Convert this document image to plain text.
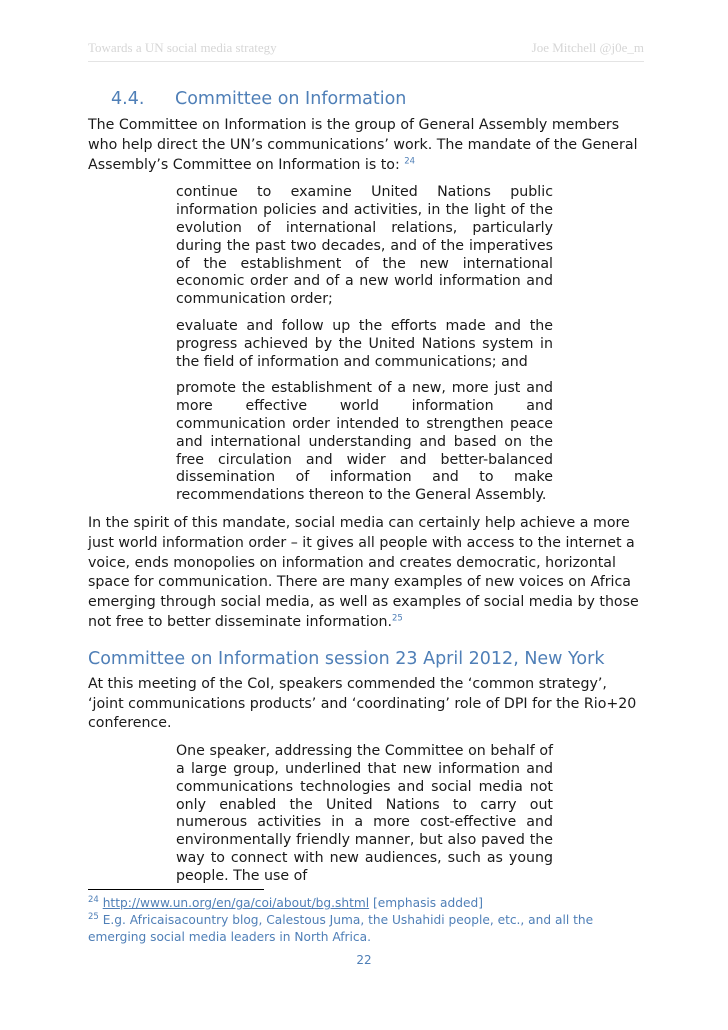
Towards a UN social media strategy	Joe Mitchell @j0e_m
4.4. Committee on Information

The Committee on Information is the group of General Assembly members who help direct the UN’s communications’ work. The mandate of the General Assembly’s Committee on Information is to: $^{24}$

continue to examine United Nations public information policies and activities, in the light of the evolution of international relations, particularly during the past two decades, and of the imperatives of the establishment of the new international economic order and of a new world information and communication order;

evaluate and follow up the efforts made and the progress achieved by the United Nations system in the field of information and communications; and

promote the establishment of a new, more just and more effective world information and communication order intended to strengthen peace and international understanding and based on the free circulation and wider and better-balanced dissemination of information and to make recommendations thereon to the General Assembly.

In the spirit of this mandate, social media can certainly help achieve a more just world information order – it gives all people with access to the internet a voice, ends monopolies on information and creates democratic, horizontal space for communication. There are many examples of new voices on Africa emerging through social media, as well as examples of social media by those not free to better disseminate information.$^{25}$

Committee on Information session 23 April 2012, New York

At this meeting of the CoI, speakers commended the ‘common strategy’, ‘joint communications products’ and ‘coordinating’ role of DPI for the Rio+20 conference.

One speaker, addressing the Committee on behalf of a large group, underlined that new information and communications technologies and social media not only enabled the United Nations to carry out numerous activities in a more cost-effective and environmentally friendly manner, but also paved the way to connect with new audiences, such as young people. The use of

$^{24}$ http://www.un.org/en/ga/coi/about/bg.shtml [emphasis added]

$^{25}$ E.g. Africaisacountry blog, Calestous Juma, the Ushahidi people, etc., and all the emerging social media leaders in North Africa.

22
